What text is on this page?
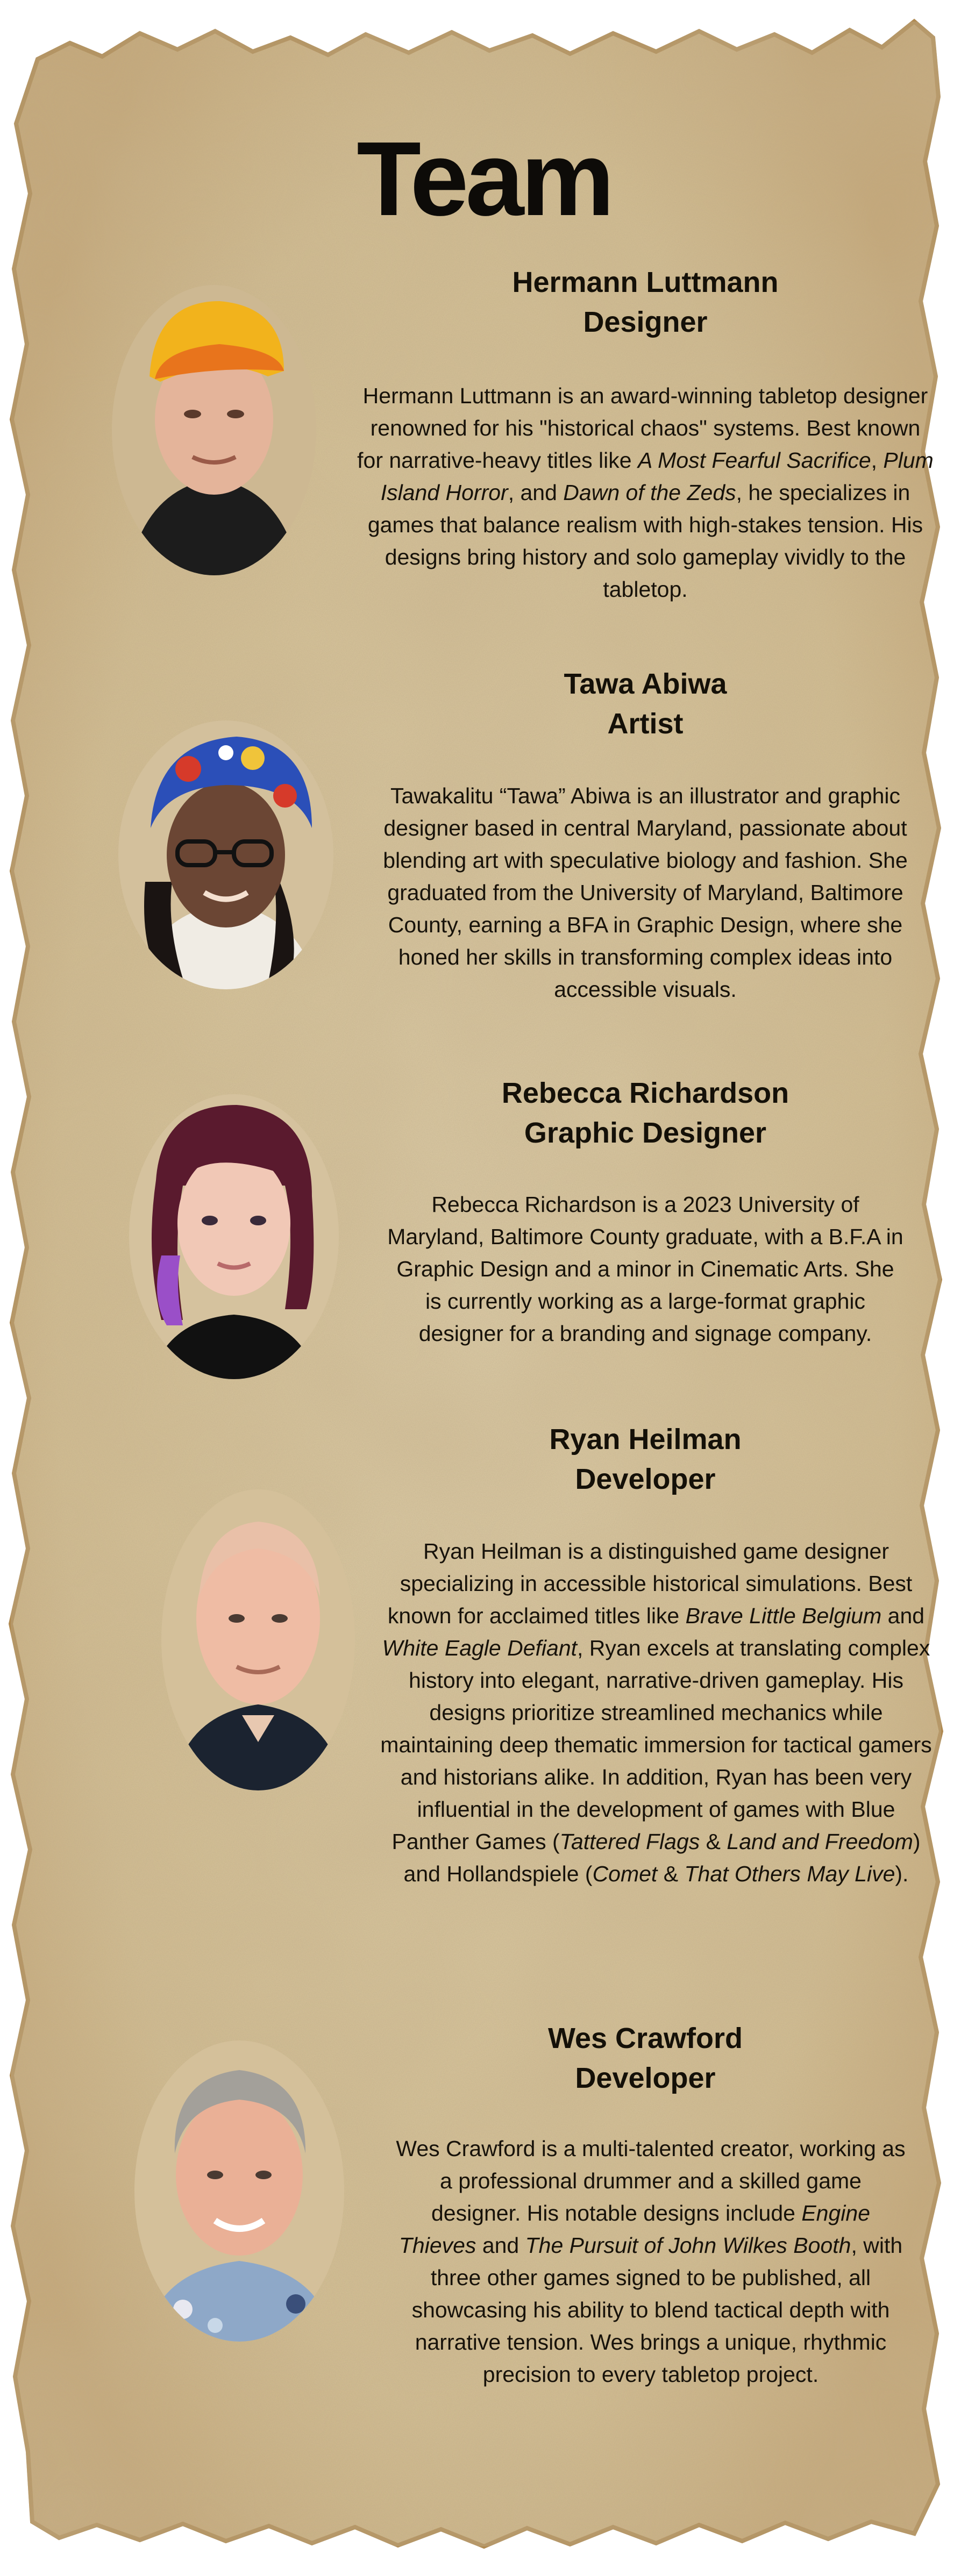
Team
Hermann Luttmann
Designer
Hermann Luttmann is an award-winning tabletop designer renowned for his "historical chaos" systems. Best known for narrative-heavy titles like A Most Fearful Sacrifice, Plum Island Horror, and Dawn of the Zeds, he specializes in games that balance realism with high-stakes tension. His designs bring history and solo gameplay vividly to the tabletop.
Tawa Abiwa
Artist
Tawakalitu “Tawa” Abiwa is an illustrator and graphic designer based in central Maryland, passionate about blending art with speculative biology and fashion. She graduated from the University of Maryland, Baltimore County, earning a BFA in Graphic Design, where she honed her skills in transforming complex ideas into accessible visuals.
Rebecca Richardson
Graphic Designer
Rebecca Richardson is a 2023 University of Maryland, Baltimore County graduate, with a B.F.A in Graphic Design and a minor in Cinematic Arts. She is currently working as a large-format graphic designer for a branding and signage company.
Ryan Heilman
Developer
Ryan Heilman is a distinguished game designer specializing in accessible historical simulations. Best known for acclaimed titles like Brave Little Belgium and White Eagle Defiant, Ryan excels at translating complex history into elegant, narrative-driven gameplay. His designs prioritize streamlined mechanics while maintaining deep thematic immersion for tactical gamers and historians alike. In addition, Ryan has been very influential in the development of games with Blue Panther Games (Tattered Flags & Land and Freedom) and Hollandspiele (Comet & That Others May Live).
Wes Crawford
Developer
Wes Crawford is a multi-talented creator, working as a professional drummer and a skilled game designer. His notable designs include Engine Thieves and The Pursuit of John Wilkes Booth, with three other games signed to be published, all showcasing his ability to blend tactical depth with narrative tension. Wes brings a unique, rhythmic precision to every tabletop project.
